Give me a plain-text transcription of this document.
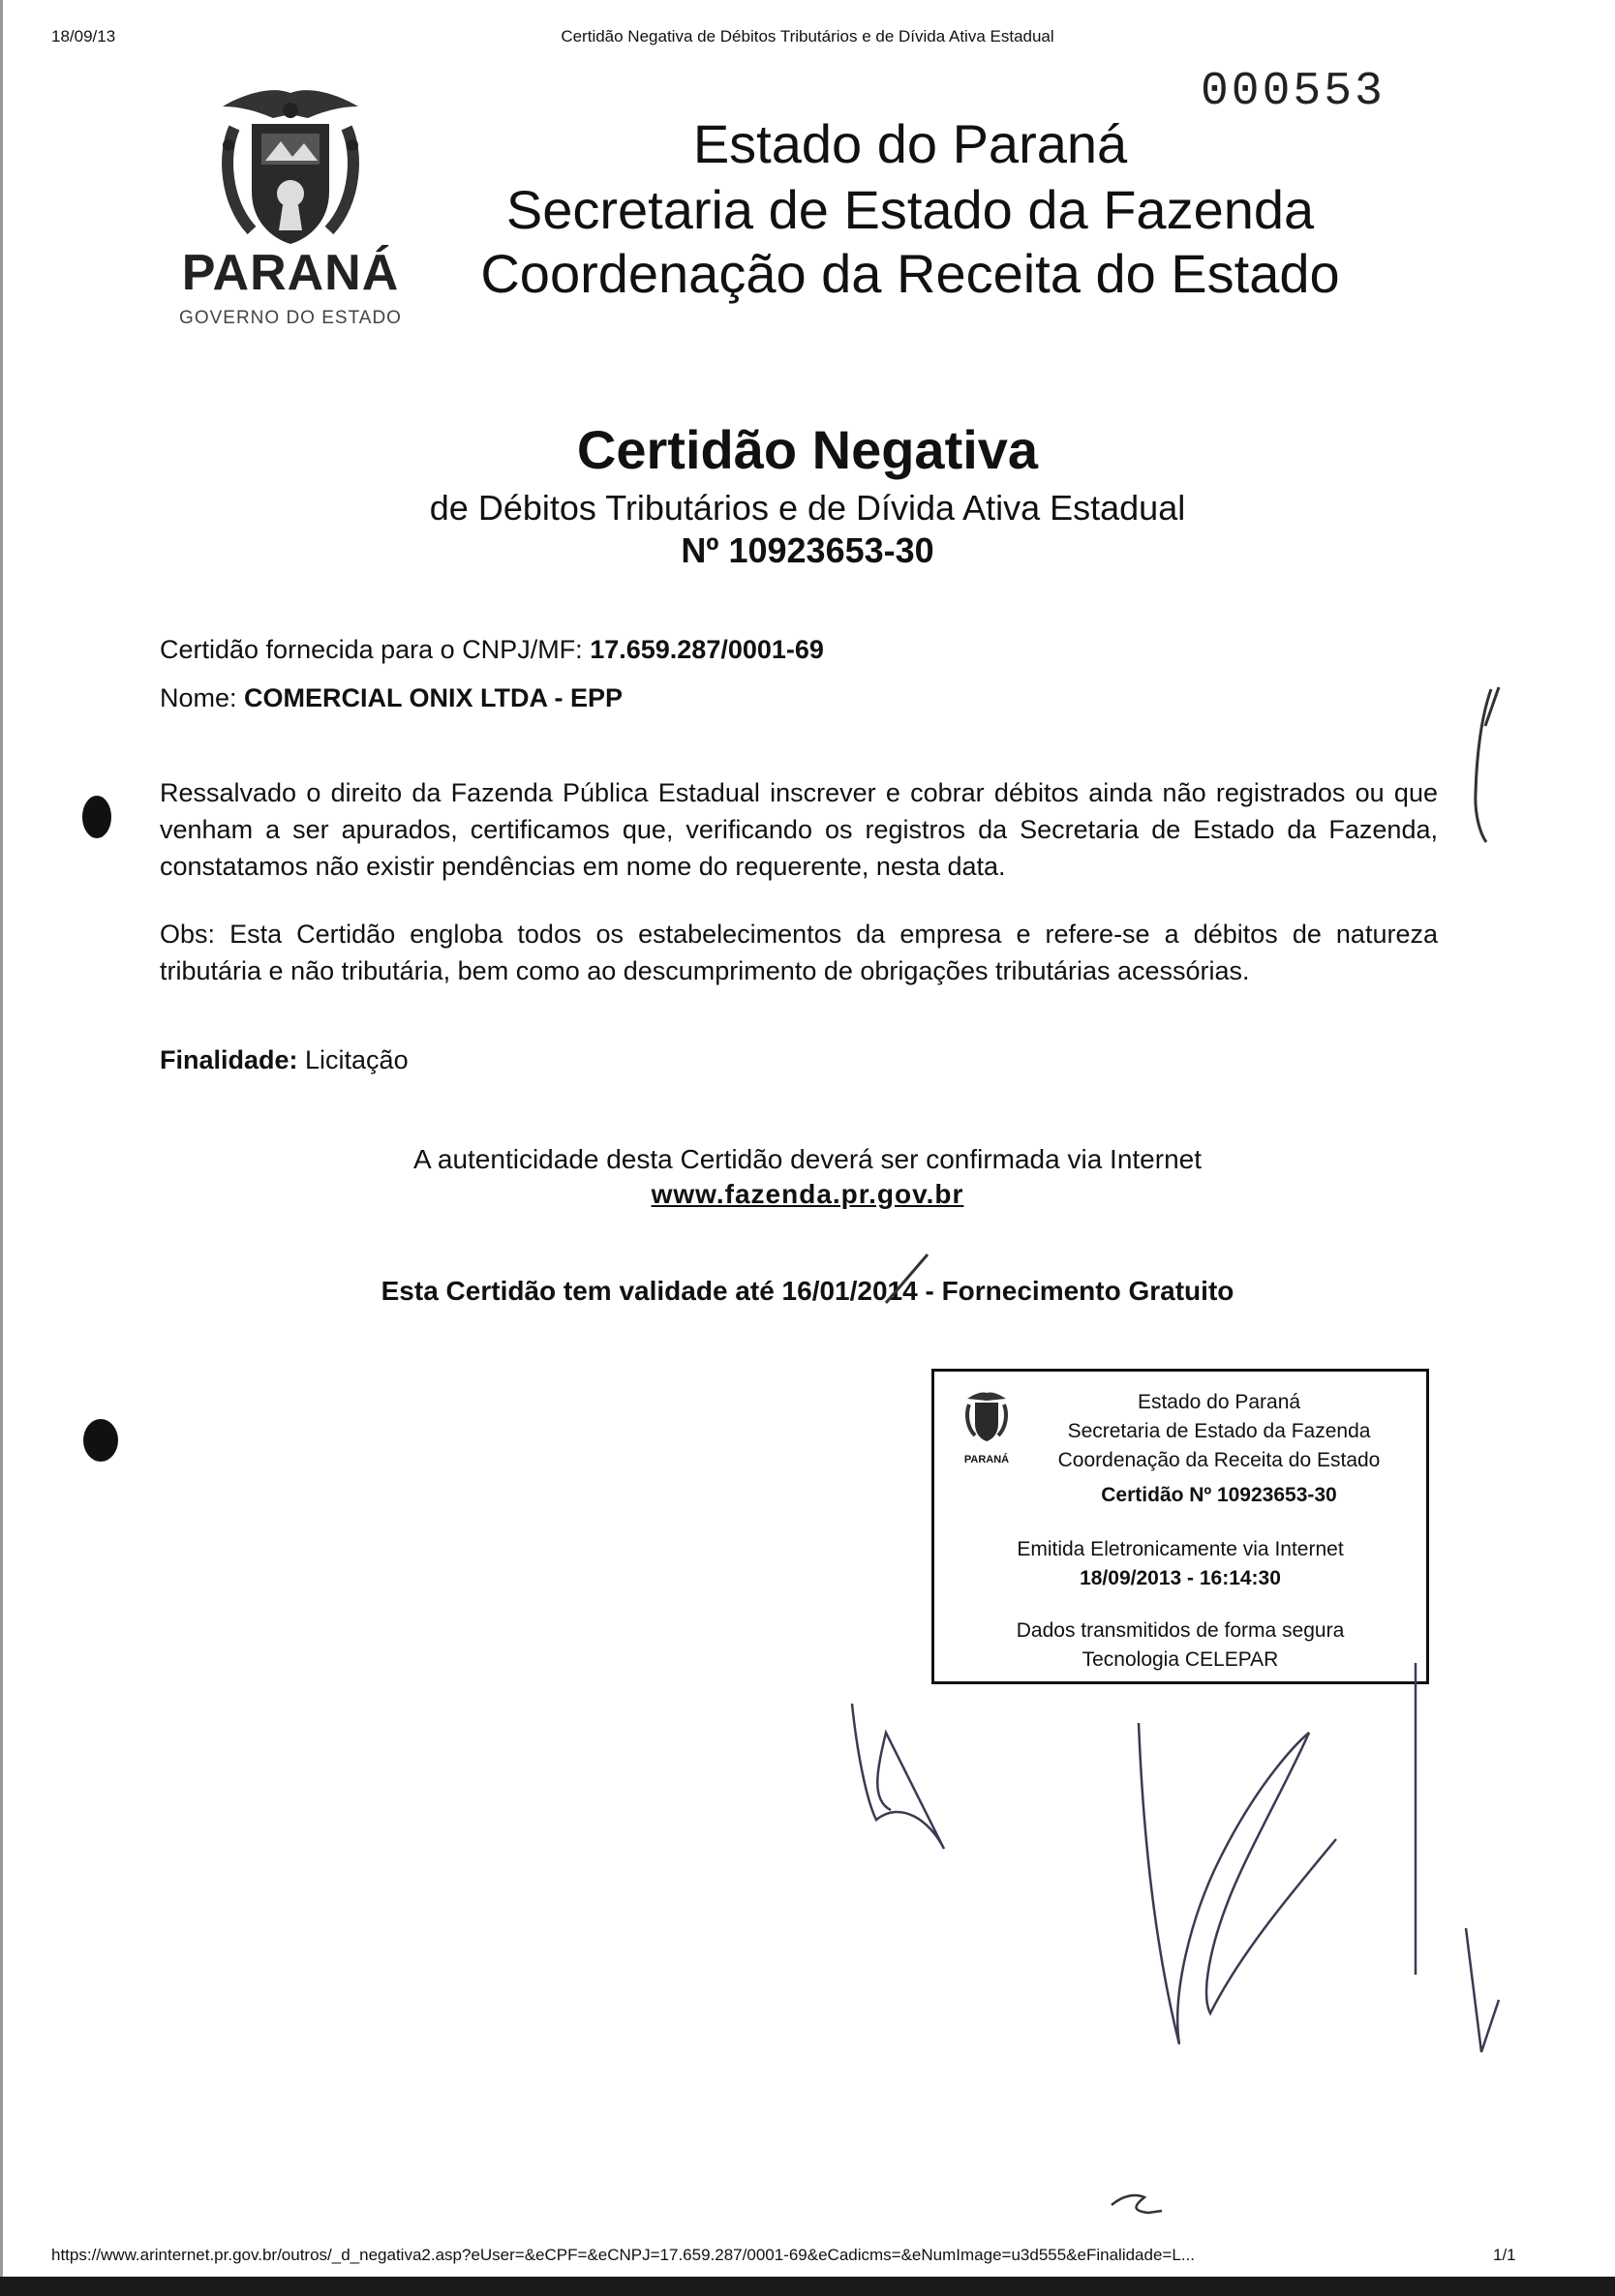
18/09/13	Certidão Negativa de Débitos Tributários e de Dívida Ativa Estadual
000553
PARANÁ
GOVERNO DO ESTADO
Estado do Paraná
Secretaria de Estado da Fazenda
Coordenação da Receita do Estado
Certidão Negativa
de Débitos Tributários e de Dívida Ativa Estadual
Nº 10923653-30
Certidão fornecida para o CNPJ/MF: 17.659.287/0001-69
Nome: COMERCIAL ONIX LTDA - EPP
Ressalvado o direito da Fazenda Pública Estadual inscrever e cobrar débitos ainda não registrados ou que venham a ser apurados, certificamos que, verificando os registros da Secretaria de Estado da Fazenda, constatamos não existir pendências em nome do requerente, nesta data.
Obs: Esta Certidão engloba todos os estabelecimentos da empresa e refere-se a débitos de natureza tributária e não tributária, bem como ao descumprimento de obrigações tributárias acessórias.
Finalidade: Licitação
A autenticidade desta Certidão deverá ser confirmada via Internet
www.fazenda.pr.gov.br
Esta Certidão tem validade até 16/01/2014 - Fornecimento Gratuito
PARANÁ
Estado do Paraná
Secretaria de Estado da Fazenda
Coordenação da Receita do Estado
Certidão Nº 10923653-30
Emitida Eletronicamente via Internet
18/09/2013 - 16:14:30
Dados transmitidos de forma segura
Tecnologia CELEPAR
https://www.arinternet.pr.gov.br/outros/_d_negativa2.asp?eUser=&eCPF=&eCNPJ=17.659.287/0001-69&eCadicms=&eNumImage=u3d555&eFinalidade=L...	1/1
